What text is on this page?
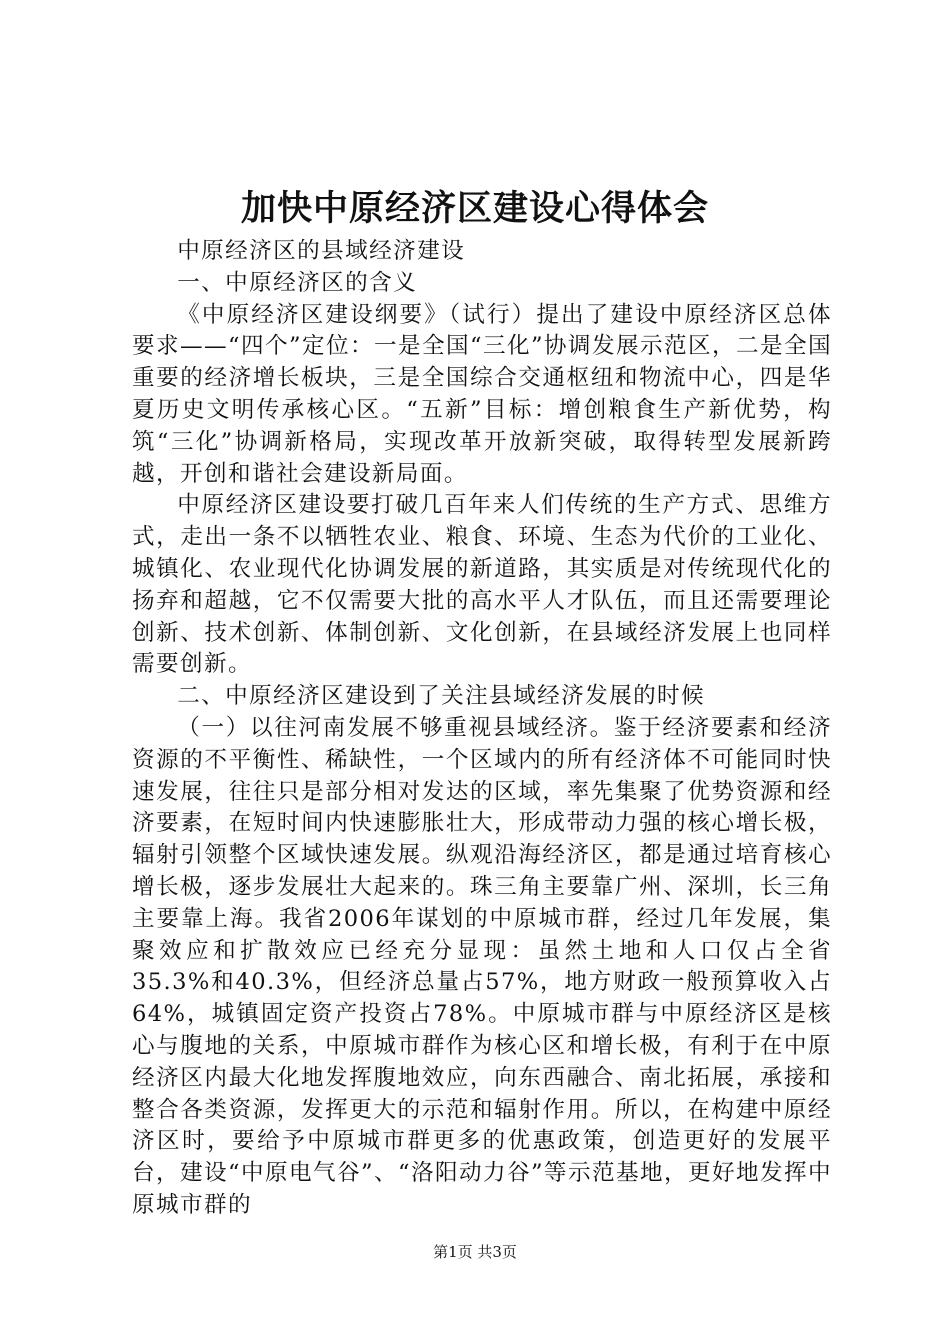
加快中原经济区建设心得体会

中原经济区的县域经济建设

一、中原经济区的含义

《中原经济区建设纲要》（试行）提出了建设中原经济区总体要求——“四个”定位：一是全国“三化”协调发展示范区，二是全国重要的经济增长板块，三是全国综合交通枢纽和物流中心，四是华夏历史文明传承核心区。“五新”目标：增创粮食生产新优势，构筑“三化”协调新格局，实现改革开放新突破，取得转型发展新跨越，开创和谐社会建设新局面。

中原经济区建设要打破几百年来人们传统的生产方式、思维方式，走出一条不以牺牲农业、粮食、环境、生态为代价的工业化、城镇化、农业现代化协调发展的新道路，其实质是对传统现代化的扬弃和超越，它不仅需要大批的高水平人才队伍，而且还需要理论创新、技术创新、体制创新、文化创新，在县域经济发展上也同样需要创新。

二、中原经济区建设到了关注县域经济发展的时候

（一）以往河南发展不够重视县域经济。鉴于经济要素和经济资源的不平衡性、稀缺性，一个区域内的所有经济体不可能同时快速发展，往往只是部分相对发达的区域，率先集聚了优势资源和经济要素，在短时间内快速膨胀壮大，形成带动力强的核心增长极，辐射引领整个区域快速发展。纵观沿海经济区，都是通过培育核心增长极，逐步发展壮大起来的。珠三角主要靠广州、深圳，长三角主要靠上海。我省2006年谋划的中原城市群，经过几年发展，集聚效应和扩散效应已经充分显现：虽然土地和人口仅占全省35.3%和40.3%，但经济总量占57%，地方财政一般预算收入占64%，城镇固定资产投资占78%。中原城市群与中原经济区是核心与腹地的关系，中原城市群作为核心区和增长极，有利于在中原经济区内最大化地发挥腹地效应，向东西融合、南北拓展，承接和整合各类资源，发挥更大的示范和辐射作用。所以，在构建中原经济区时，要给予中原城市群更多的优惠政策，创造更好的发展平台，建设“中原电气谷”、“洛阳动力谷”等示范基地，更好地发挥中原城市群的

第1页 共3页
